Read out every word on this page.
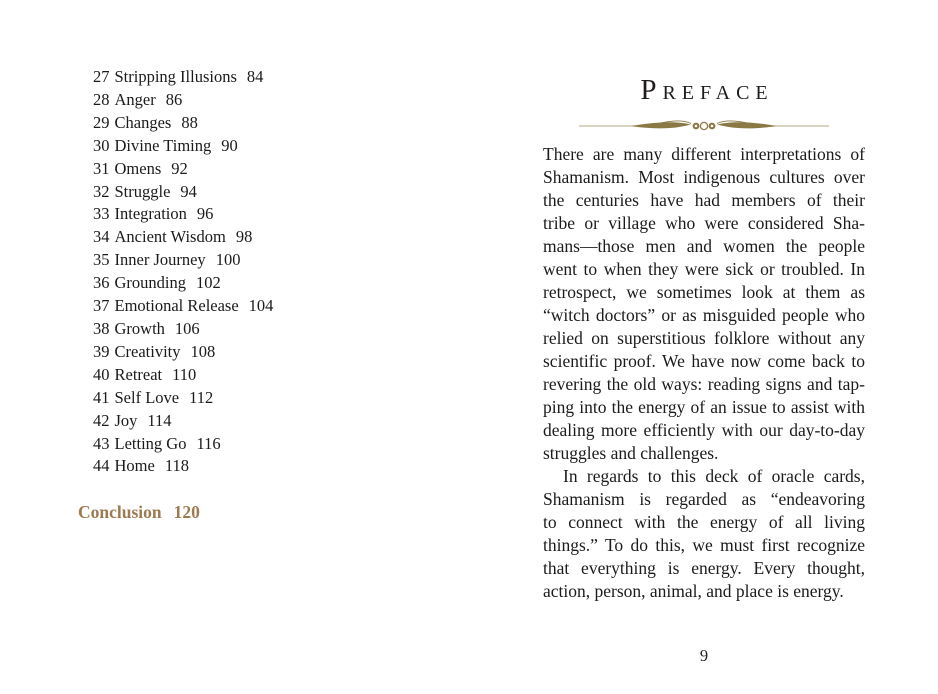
27 Stripping Illusions 84
28 Anger 86
29 Changes 88
30 Divine Timing 90
31 Omens 92
32 Struggle 94
33 Integration 96
34 Ancient Wisdom 98
35 Inner Journey 100
36 Grounding 102
37 Emotional Release 104
38 Growth 106
39 Creativity 108
40 Retreat 110
41 Self Love 112
42 Joy 114
43 Letting Go 116
44 Home 118
Conclusion 120
Preface
There are many different interpretations of
Shamanism. Most indigenous cultures over
the centuries have had members of their
tribe or village who were considered Sha-
mans—those men and women the people
went to when they were sick or troubled. In
retrospect, we sometimes look at them as
“witch doctors” or as misguided people who
relied on superstitious folklore without any
scientific proof. We have now come back to
revering the old ways: reading signs and tap-
ping into the energy of an issue to assist with
dealing more efficiently with our day-to-day
struggles and challenges.
In regards to this deck of oracle cards,
Shamanism is regarded as “endeavoring
to connect with the energy of all living
things.” To do this, we must first recognize
that everything is energy. Every thought,
action, person, animal, and place is energy.
9
